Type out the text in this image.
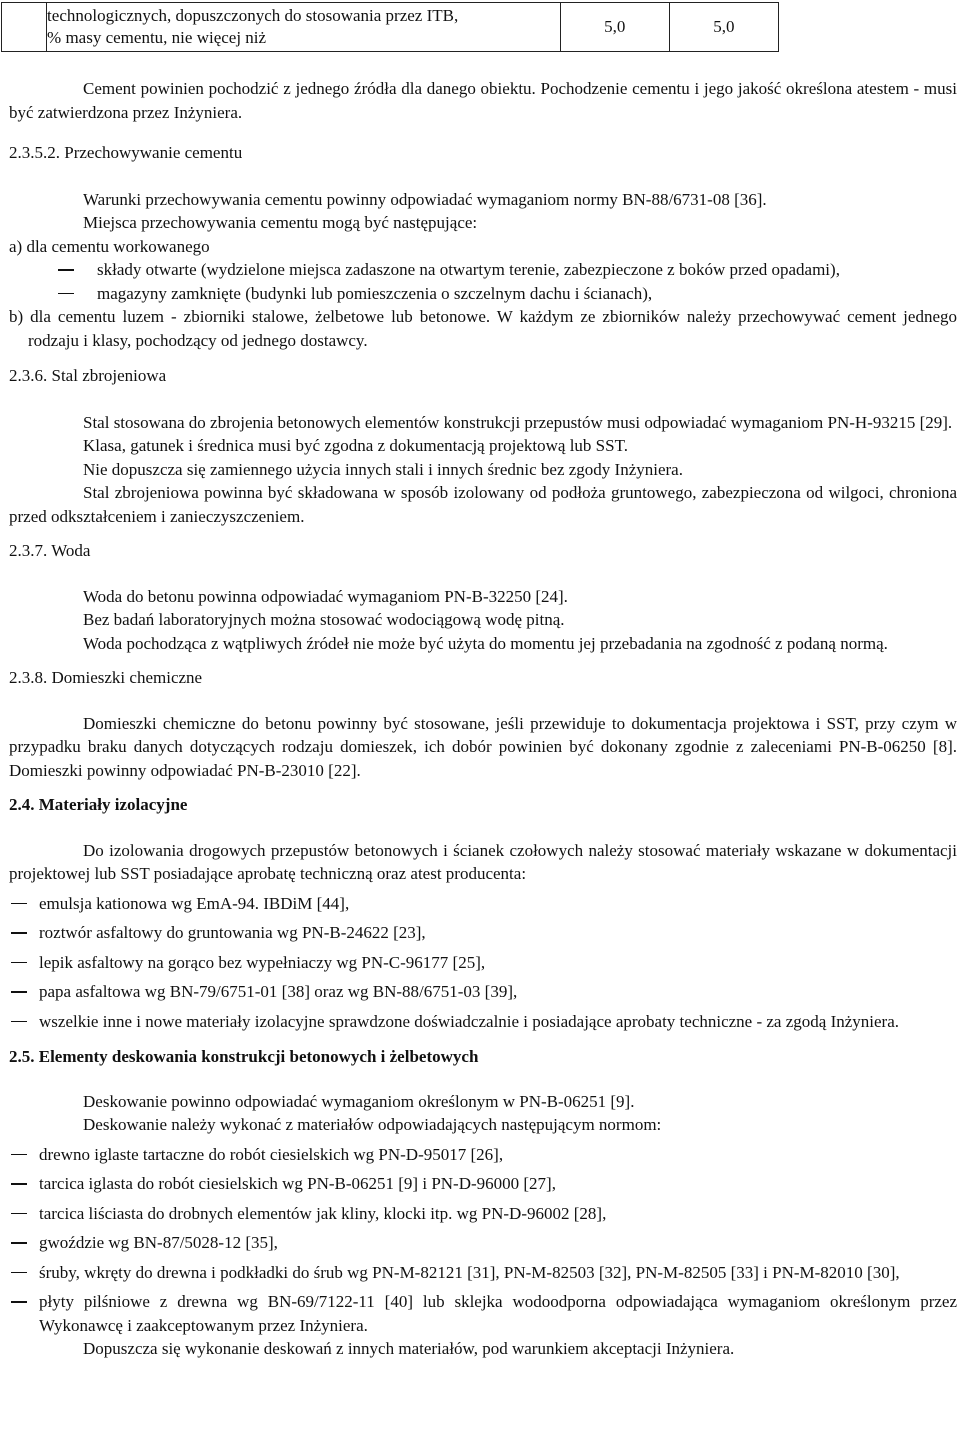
technologicznych, dopuszczonych do stosowania przez ITB,
% masy cementu, nie więcej niż
	5,0	5,0

Cement powinien pochodzić z jednego źródła dla danego obiektu. Pochodzenie cementu i jego jakość określona atestem - musi być zatwierdzona przez Inżyniera.

2.3.5.2. Przechowywanie cementu

Warunki przechowywania cementu powinny odpowiadać wymaganiom normy BN-88/6731-08 [36].

Miejsca przechowywania cementu mogą być następujące:

a) dla cementu workowanego

składy otwarte (wydzielone miejsca zadaszone na otwartym terenie, zabezpieczone z boków przed opadami),

magazyny zamknięte (budynki lub pomieszczenia o szczelnym dachu i ścianach),

b) dla cementu luzem - zbiorniki stalowe, żelbetowe lub betonowe. W każdym ze zbiorników należy przechowywać cement jednego rodzaju i klasy, pochodzący od jednego dostawcy.

2.3.6. Stal zbrojeniowa

Stal stosowana do zbrojenia betonowych elementów konstrukcji przepustów musi odpowiadać wymaganiom PN-H-93215 [29].

Klasa, gatunek i średnica musi być zgodna z dokumentacją projektową lub SST.

Nie dopuszcza się zamiennego użycia innych stali i innych średnic bez zgody Inżyniera.

Stal zbrojeniowa powinna być składowana w sposób izolowany od podłoża gruntowego, zabezpieczona od wilgoci, chroniona przed odkształceniem i zanieczyszczeniem.

2.3.7. Woda

Woda do betonu powinna odpowiadać wymaganiom PN-B-32250 [24].

Bez badań laboratoryjnych można stosować wodociągową wodę pitną.

Woda pochodząca z wątpliwych źródeł nie może być użyta do momentu jej przebadania na zgodność z podaną normą.

2.3.8. Domieszki chemiczne

Domieszki chemiczne do betonu powinny być stosowane, jeśli przewiduje to dokumentacja projektowa i SST, przy czym w przypadku braku danych dotyczących rodzaju domieszek, ich dobór powinien być dokonany zgodnie z zaleceniami PN-B-06250 [8]. Domieszki powinny odpowiadać PN-B-23010 [22].

2.4. Materiały izolacyjne

Do izolowania drogowych przepustów betonowych i ścianek czołowych należy stosować materiały wskazane w dokumentacji projektowej lub SST posiadające aprobatę techniczną oraz atest producenta:

emulsja kationowa wg EmA-94. IBDiM [44],

roztwór asfaltowy do gruntowania wg PN-B-24622 [23],

lepik asfaltowy na gorąco bez wypełniaczy wg PN-C-96177 [25],

papa asfaltowa wg BN-79/6751-01 [38] oraz wg BN-88/6751-03 [39],

wszelkie inne i nowe materiały izolacyjne sprawdzone doświadczalnie i posiadające aprobaty techniczne - za zgodą Inżyniera.

2.5. Elementy deskowania konstrukcji betonowych i żelbetowych

Deskowanie powinno odpowiadać wymaganiom określonym w PN-B-06251 [9].

Deskowanie należy wykonać z materiałów odpowiadających następującym normom:

drewno iglaste tartaczne do robót ciesielskich wg PN-D-95017 [26],

tarcica iglasta do robót ciesielskich wg PN-B-06251 [9] i PN-D-96000 [27],

tarcica liściasta do drobnych elementów jak kliny, klocki itp. wg PN-D-96002 [28],

gwoździe wg BN-87/5028-12 [35],

śruby, wkręty do drewna i podkładki do śrub wg PN-M-82121 [31], PN-M-82503 [32], PN-M-82505 [33] i PN-M-82010 [30],

płyty pilśniowe z drewna wg BN-69/7122-11 [40] lub sklejka wodoodporna odpowiadająca wymaganiom określonym przez Wykonawcę i zaakceptowanym przez Inżyniera.

Dopuszcza się wykonanie deskowań z innych materiałów, pod warunkiem akceptacji Inżyniera.
